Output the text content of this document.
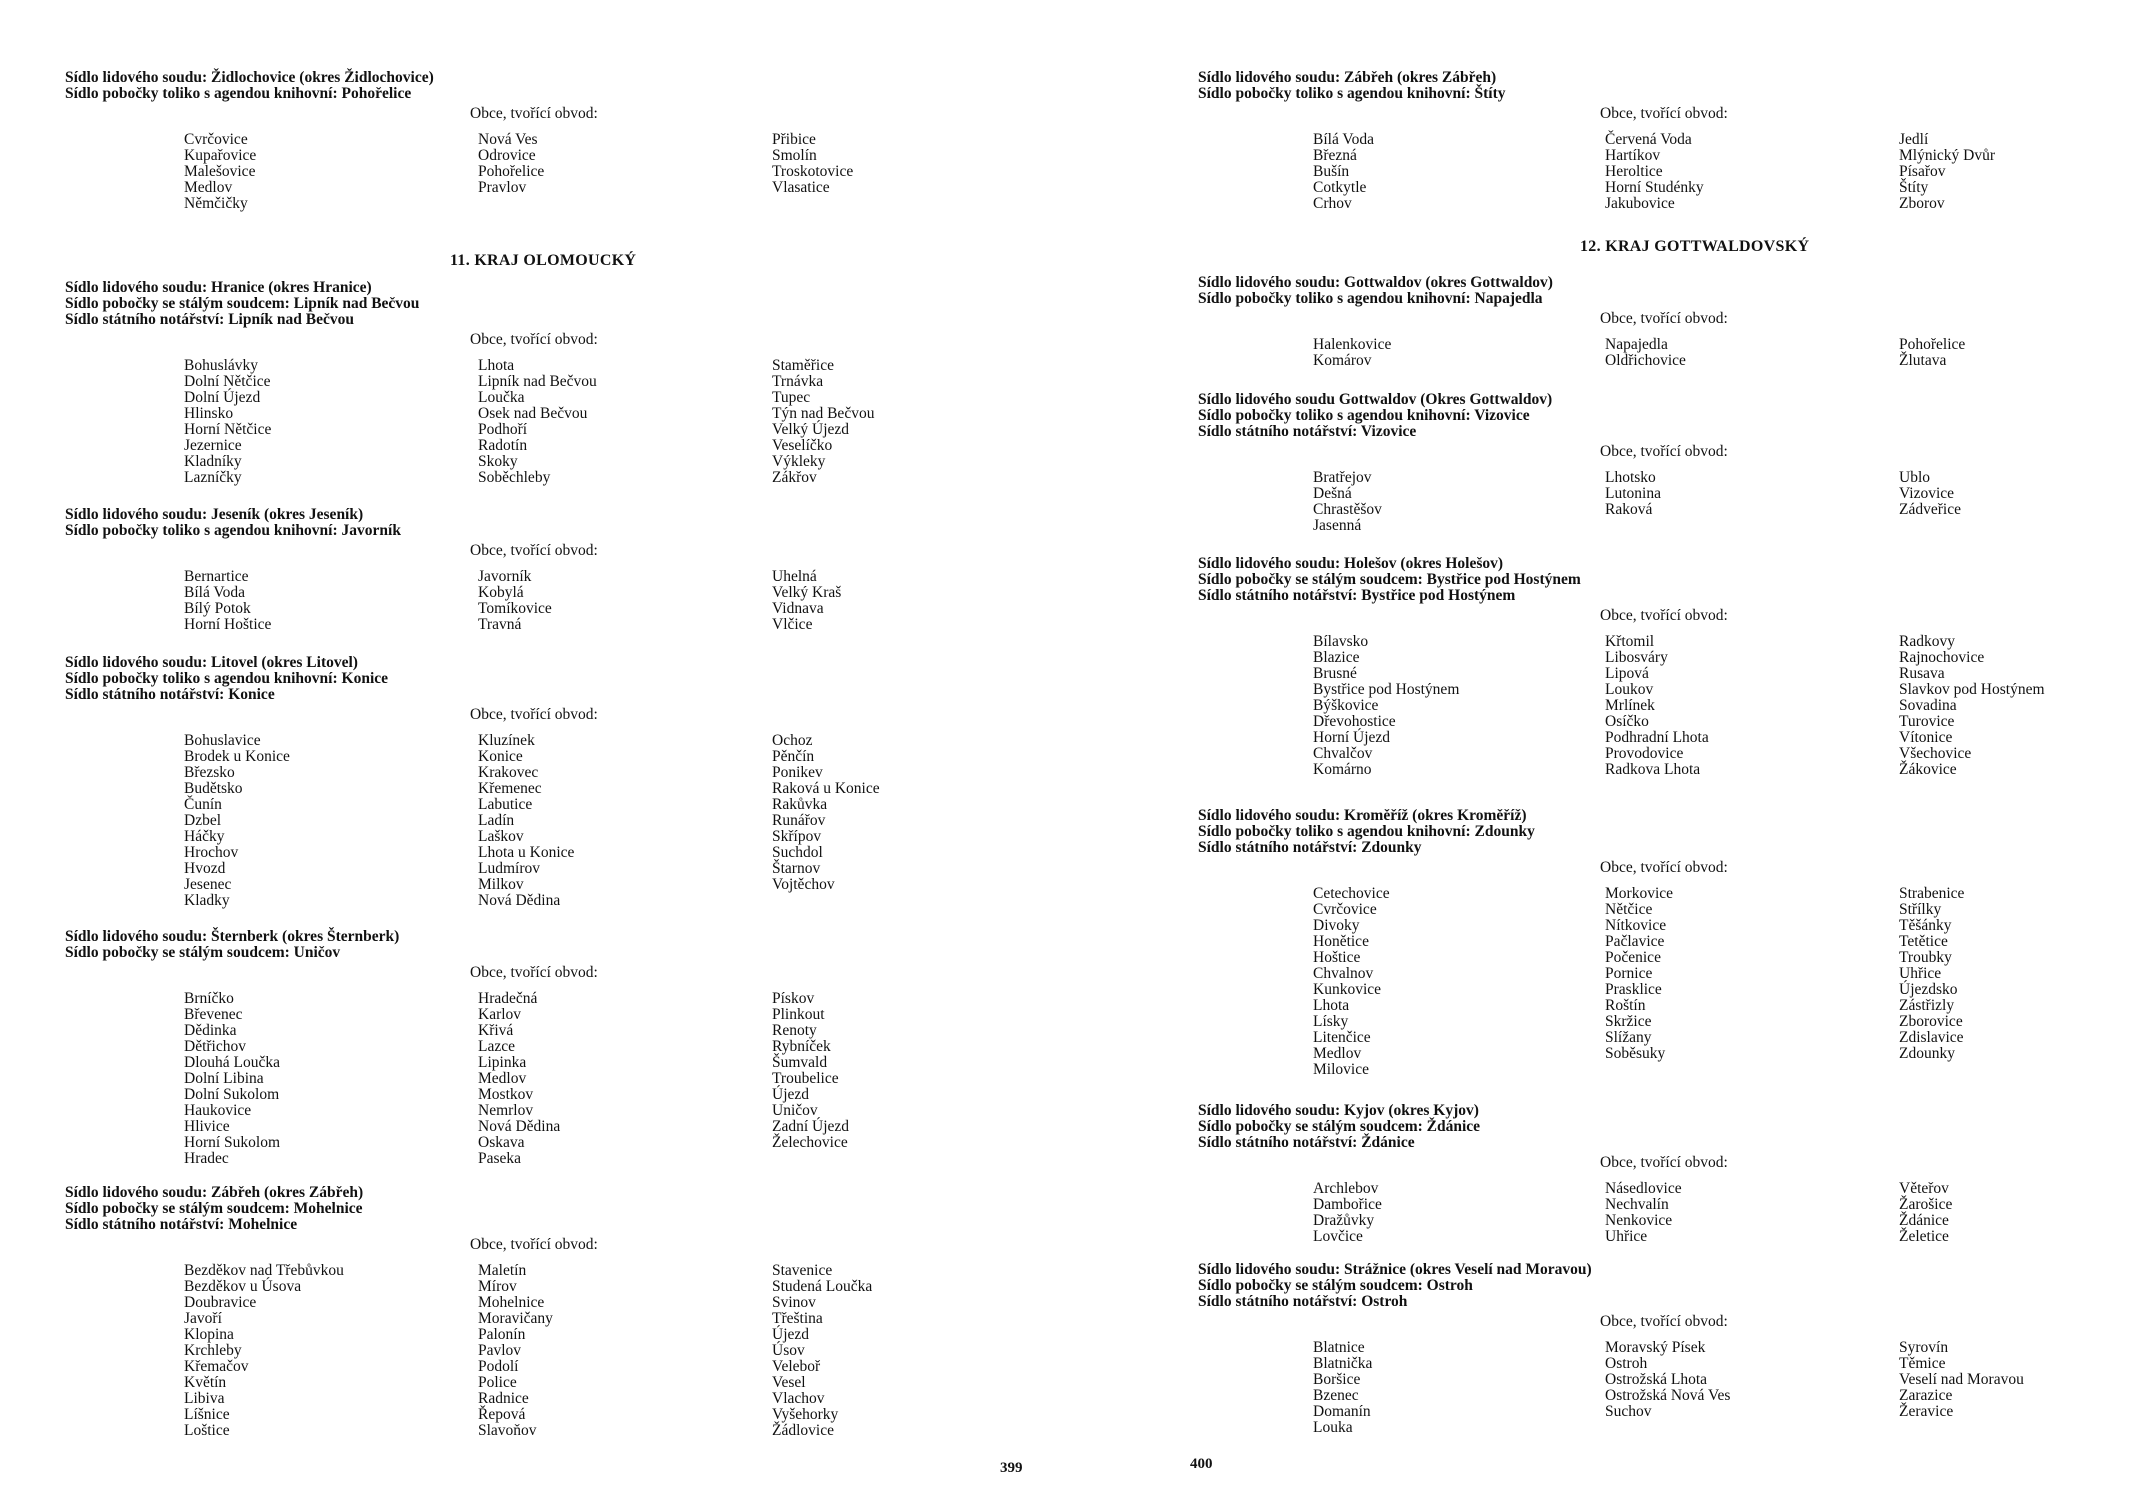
Sídlo lidového soudu: Židlochovice (okres Židlochovice)
Sídlo pobočky toliko s agendou knihovní: Pohořelice
Obce, tvořící obvod:
Cvrčovice
Kupařovice
Malešovice
Medlov
Němčičky
Nová Ves
Odrovice
Pohořelice
Pravlov
Přibice
Smolín
Troskotovice
Vlasatice
11. KRAJ OLOMOUCKÝ
Sídlo lidového soudu: Hranice (okres Hranice)
Sídlo pobočky se stálým soudcem: Lipník nad Bečvou
Sídlo státního notářství: Lipník nad Bečvou
Obce, tvořící obvod:
Bohuslávky
Dolní Nětčice
Dolní Újezd
Hlinsko
Horní Nětčice
Jezernice
Kladníky
Lazníčky
Lhota
Lipník nad Bečvou
Loučka
Osek nad Bečvou
Podhoří
Radotín
Skoky
Soběchleby
Staměřice
Trnávka
Tupec
Týn nad Bečvou
Velký Újezd
Veselíčko
Výkleky
Zákřov
Sídlo lidového soudu: Jeseník (okres Jeseník)
Sídlo pobočky toliko s agendou knihovní: Javorník
Obce, tvořící obvod:
Bernartice
Bílá Voda
Bílý Potok
Horní Hoštice
Javorník
Kobylá
Tomíkovice
Travná
Uhelná
Velký Kraš
Vidnava
Vlčice
Sídlo lidového soudu: Litovel (okres Litovel)
Sídlo pobočky toliko s agendou knihovní: Konice
Sídlo státního notářství: Konice
Obce, tvořící obvod:
Bohuslavice
Brodek u Konice
Březsko
Budětsko
Čunín
Dzbel
Háčky
Hrochov
Hvozd
Jesenec
Kladky
Kluzínek
Konice
Krakovec
Křemenec
Labutice
Ladín
Laškov
Lhota u Konice
Ludmírov
Milkov
Nová Dědina
Ochoz
Pěnčín
Ponikev
Raková u Konice
Rakůvka
Runářov
Skřípov
Suchdol
Štarnov
Vojtěchov
Sídlo lidového soudu: Šternberk (okres Šternberk)
Sídlo pobočky se stálým soudcem: Uničov
Obce, tvořící obvod:
Brníčko
Břevenec
Dědinka
Dětřichov
Dlouhá Loučka
Dolní Libina
Dolní Sukolom
Haukovice
Hlivice
Horní Sukolom
Hradec
Hradečná
Karlov
Křivá
Lazce
Lipinka
Medlov
Mostkov
Nemrlov
Nová Dědina
Oskava
Paseka
Pískov
Plinkout
Renoty
Rybníček
Šumvald
Troubelice
Újezd
Uničov
Zadní Újezd
Želechovice
Sídlo lidového soudu: Zábřeh (okres Zábřeh)
Sídlo pobočky se stálým soudcem: Mohelnice
Sídlo státního notářství: Mohelnice
Obce, tvořící obvod:
Bezděkov nad Třebůvkou
Bezděkov u Úsova
Doubravice
Javoří
Klopina
Krchleby
Křemačov
Květín
Libiva
Líšnice
Loštice
Maletín
Mírov
Mohelnice
Moravičany
Palonín
Pavlov
Podolí
Police
Radnice
Řepová
Slavoňov
Stavenice
Studená Loučka
Svinov
Třeština
Újezd
Úsov
Veleboř
Vesel
Vlachov
Vyšehorky
Žádlovice
Sídlo lidového soudu: Zábřeh (okres Zábřeh)
Sídlo pobočky toliko s agendou knihovní: Štíty
Obce, tvořící obvod:
Bílá Voda
Březná
Bušín
Cotkytle
Crhov
Červená Voda
Hartíkov
Heroltice
Horní Studénky
Jakubovice
Jedlí
Mlýnický Dvůr
Písařov
Štíty
Zborov
12. KRAJ GOTTWALDOVSKÝ
Sídlo lidového soudu: Gottwaldov (okres Gottwaldov)
Sídlo pobočky toliko s agendou knihovní: Napajedla
Obce, tvořící obvod:
Halenkovice
Komárov
Napajedla
Oldřichovice
Pohořelice
Žlutava
Sídlo lidového soudu Gottwaldov (Okres Gottwaldov)
Sídlo pobočky toliko s agendou knihovní: Vizovice
Sídlo státního notářství: Vizovice
Obce, tvořící obvod:
Bratřejov
Dešná
Chrastěšov
Jasenná
Lhotsko
Lutonina
Raková
Ublo
Vizovice
Zádveřice
Sídlo lidového soudu: Holešov (okres Holešov)
Sídlo pobočky se stálým soudcem: Bystřice pod Hostýnem
Sídlo státního notářství: Bystřice pod Hostýnem
Obce, tvořící obvod:
Bílavsko
Blazice
Brusné
Bystřice pod Hostýnem
Býškovice
Dřevohostice
Horní Újezd
Chvalčov
Komárno
Křtomil
Libosváry
Lipová
Loukov
Mrlínek
Osíčko
Podhradní Lhota
Provodovice
Radkova Lhota
Radkovy
Rajnochovice
Rusava
Slavkov pod Hostýnem
Sovadina
Turovice
Vítonice
Všechovice
Žákovice
Sídlo lidového soudu: Kroměříž (okres Kroměříž)
Sídlo pobočky toliko s agendou knihovní: Zdounky
Sídlo státního notářství: Zdounky
Obce, tvořící obvod:
Cetechovice
Cvrčovice
Divoky
Honětice
Hoštice
Chvalnov
Kunkovice
Lhota
Lísky
Litenčice
Medlov
Milovice
Morkovice
Nětčice
Nítkovice
Pačlavice
Počenice
Pornice
Prasklice
Roštín
Skržice
Slížany
Soběsuky
Strabenice
Střílky
Těšánky
Tetětice
Troubky
Uhřice
Újezdsko
Zástřizly
Zborovice
Zdislavice
Zdounky
Sídlo lidového soudu: Kyjov (okres Kyjov)
Sídlo pobočky se stálým soudcem: Ždánice
Sídlo státního notářství: Ždánice
Obce, tvořící obvod:
Archlebov
Dambořice
Dražůvky
Lovčice
Násedlovice
Nechvalín
Nenkovice
Uhřice
Věteřov
Žarošice
Ždánice
Želetice
Sídlo lidového soudu: Strážnice (okres Veselí nad Moravou)
Sídlo pobočky se stálým soudcem: Ostroh
Sídlo státního notářství: Ostroh
Obce, tvořící obvod:
Blatnice
Blatnička
Boršice
Bzenec
Domanín
Louka
Moravský Písek
Ostroh
Ostrožská Lhota
Ostrožská Nová Ves
Suchov
Syrovín
Těmice
Veselí nad Moravou
Zarazice
Žeravice
399	400
